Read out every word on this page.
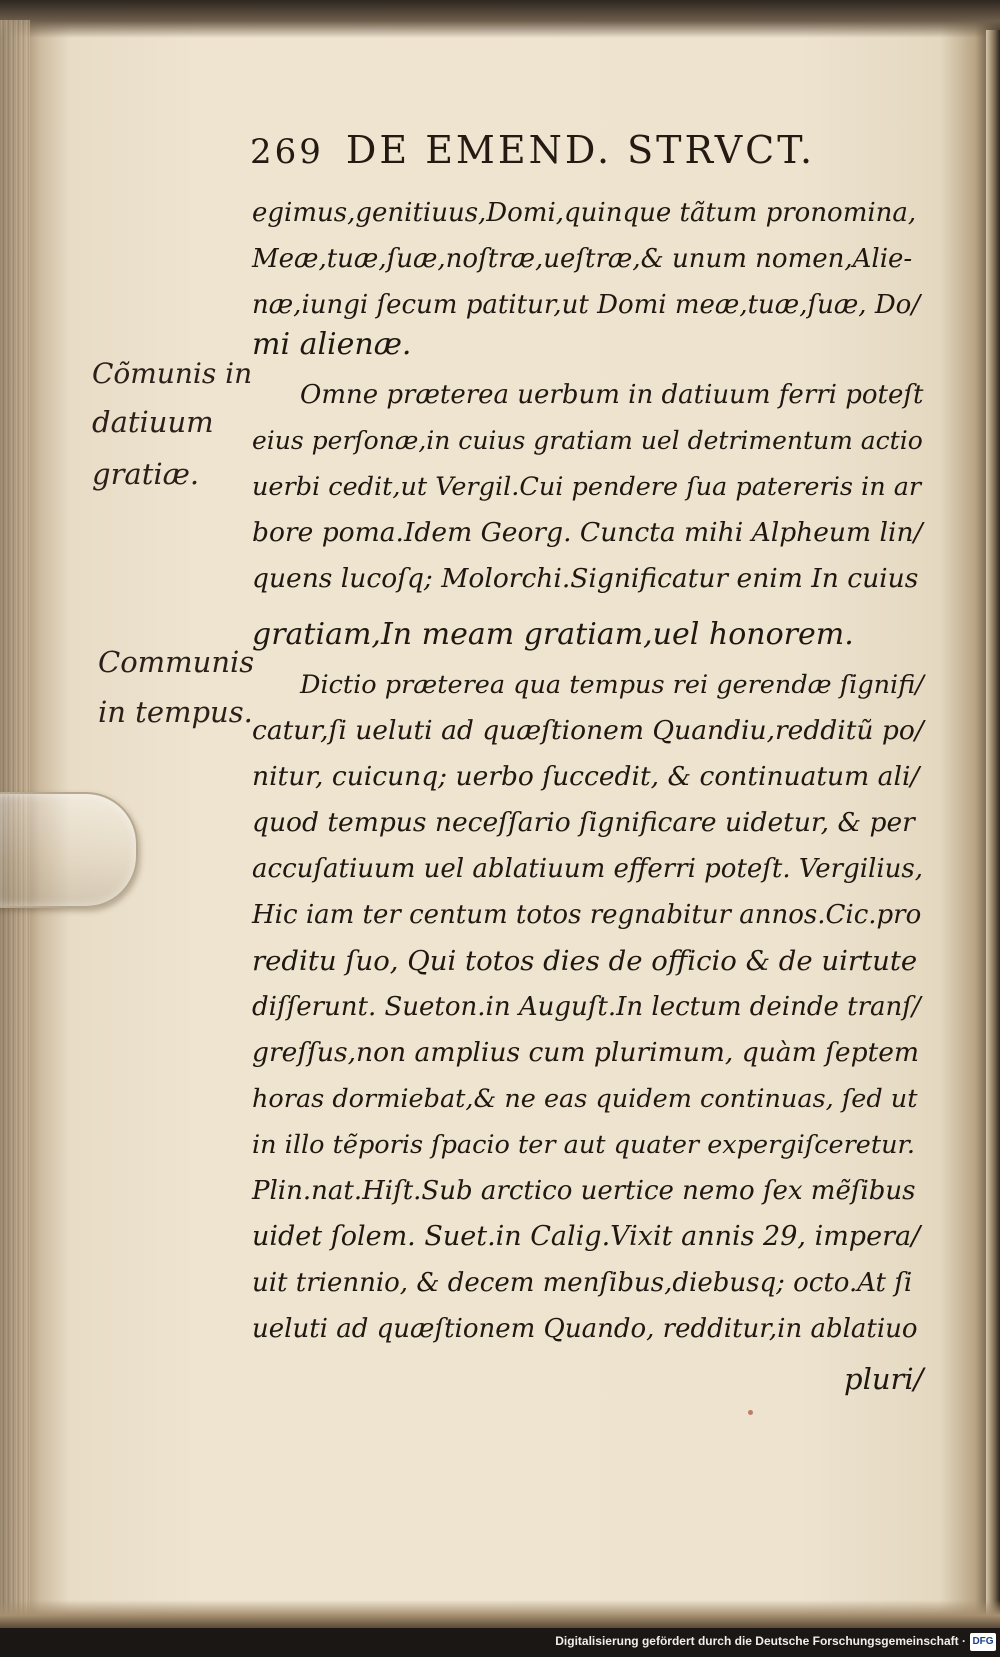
269 DE EMEND. STRVCT.
egimus,genitiuus,Domi,quinque tãtum pronomina,
Meæ,tuæ,ſuæ,noſtræ,ueſtræ,& unum nomen,Alie-
næ,iungi ſecum patitur,ut Domi meæ,tuæ,ſuæ, Do/
mi alienæ.
Omne præterea uerbum in datiuum ferri poteſt
eius perſonæ,in cuius gratiam uel detrimentum actio
uerbi cedit,ut Vergil.Cui pendere ſua patereris in ar
bore poma.Idem Georg. Cuncta mihi Alpheum lin/
quens lucoſq; Molorchi.Significatur enim In cuius
gratiam,In meam gratiam,uel honorem.
Dictio præterea qua tempus rei gerendæ ſignifi/
catur,ſi ueluti ad quæſtionem Quandiu,redditũ po/
nitur, cuicunq; uerbo ſuccedit, & continuatum ali/
quod tempus neceſſario ſignificare uidetur, & per
accuſatiuum uel ablatiuum efferri poteſt. Vergilius,
Hic iam ter centum totos regnabitur annos.Cic.pro
reditu ſuo, Qui totos dies de officio & de uirtute
diſſerunt. Sueton.in Auguſt.In lectum deinde tranſ/
greſſus,non amplius cum plurimum, quàm ſeptem
horas dormiebat,& ne eas quidem continuas, ſed ut
in illo tẽporis ſpacio ter aut quater expergiſceretur.
Plin.nat.Hiſt.Sub arctico uertice nemo ſex mẽſibus
uidet ſolem. Suet.in Calig.Vixit annis 29, impera/
uit triennio, & decem menſibus,diebusq; octo.At ſi
ueluti ad quæſtionem Quando, redditur,in ablatiuo
pluri/
Cõmunis in
datiuum
gratiæ.
Communis
in tempus.
Digitalisierung gefördert durch die Deutsche Forschungsgemeinschaft · DFG
